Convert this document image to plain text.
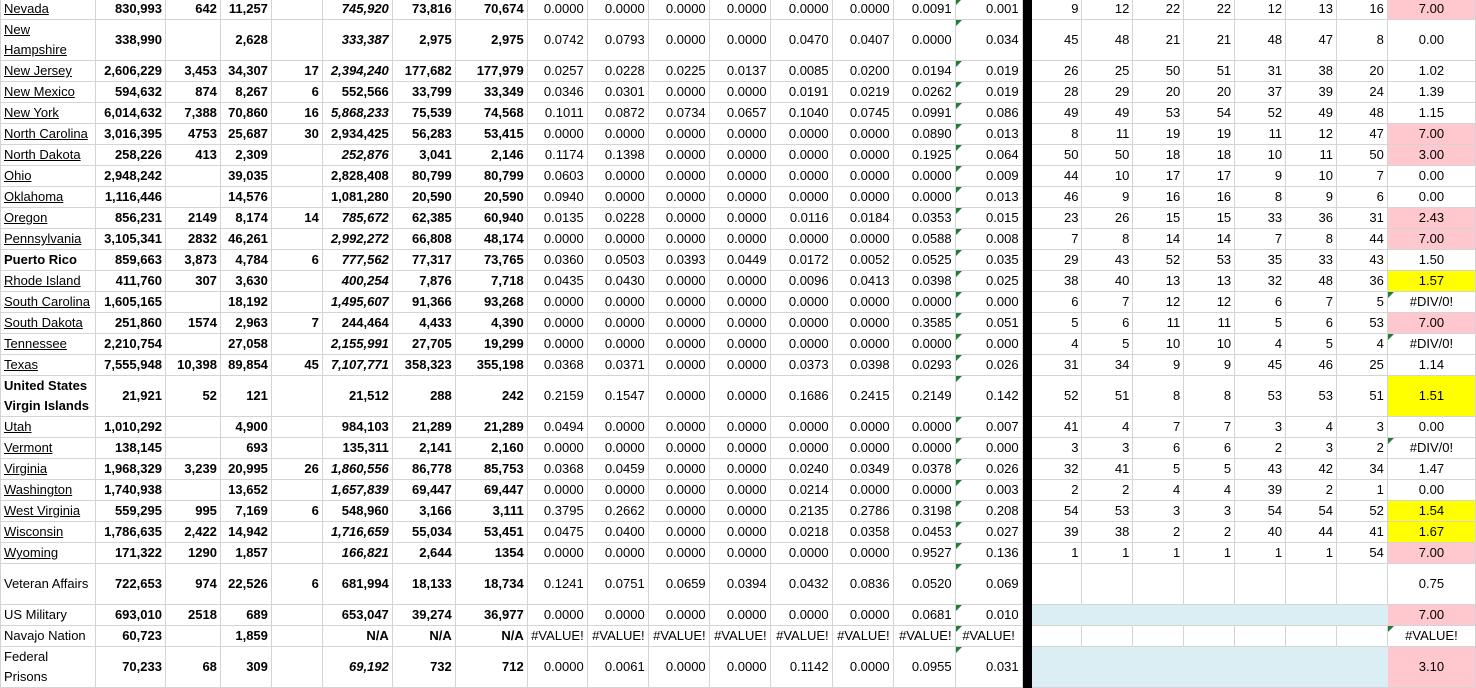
Nevada	830,993	642	11,257		745,920	73,816	70,674	0.0000	0.0000	0.0000	0.0000	0.0000	0.0000	0.0091	0.001		9	12	22	22	12	13	16	7.00
New Hampshire	338,990		2,628		333,387	2,975	2,975	0.0742	0.0793	0.0000	0.0000	0.0470	0.0407	0.0000	0.034		45	48	21	21	48	47	8	0.00
New Jersey	2,606,229	3,453	34,307	17	2,394,240	177,682	177,979	0.0257	0.0228	0.0225	0.0137	0.0085	0.0200	0.0194	0.019		26	25	50	51	31	38	20	1.02
New Mexico	594,632	874	8,267	6	552,566	33,799	33,349	0.0346	0.0301	0.0000	0.0000	0.0191	0.0219	0.0262	0.019		28	29	20	20	37	39	24	1.39
New York	6,014,632	7,388	70,860	16	5,868,233	75,539	74,568	0.1011	0.0872	0.0734	0.0657	0.1040	0.0745	0.0991	0.086		49	49	53	54	52	49	48	1.15
North Carolina	3,016,395	4753	25,687	30	2,934,425	56,283	53,415	0.0000	0.0000	0.0000	0.0000	0.0000	0.0000	0.0890	0.013		8	11	19	19	11	12	47	7.00
North Dakota	258,226	413	2,309		252,876	3,041	2,146	0.1174	0.1398	0.0000	0.0000	0.0000	0.0000	0.1925	0.064		50	50	18	18	10	11	50	3.00
Ohio	2,948,242		39,035		2,828,408	80,799	80,799	0.0603	0.0000	0.0000	0.0000	0.0000	0.0000	0.0000	0.009		44	10	17	17	9	10	7	0.00
Oklahoma	1,116,446		14,576		1,081,280	20,590	20,590	0.0940	0.0000	0.0000	0.0000	0.0000	0.0000	0.0000	0.013		46	9	16	16	8	9	6	0.00
Oregon	856,231	2149	8,174	14	785,672	62,385	60,940	0.0135	0.0228	0.0000	0.0000	0.0116	0.0184	0.0353	0.015		23	26	15	15	33	36	31	2.43
Pennsylvania	3,105,341	2832	46,261		2,992,272	66,808	48,174	0.0000	0.0000	0.0000	0.0000	0.0000	0.0000	0.0588	0.008		7	8	14	14	7	8	44	7.00
Puerto Rico	859,663	3,873	4,784	6	777,562	77,317	73,765	0.0360	0.0503	0.0393	0.0449	0.0172	0.0052	0.0525	0.035		29	43	52	53	35	33	43	1.50
Rhode Island	411,760	307	3,630		400,254	7,876	7,718	0.0435	0.0430	0.0000	0.0000	0.0096	0.0413	0.0398	0.025		38	40	13	13	32	48	36	1.57
South Carolina	1,605,165		18,192		1,495,607	91,366	93,268	0.0000	0.0000	0.0000	0.0000	0.0000	0.0000	0.0000	0.000		6	7	12	12	6	7	5	#DIV/0!
South Dakota	251,860	1574	2,963	7	244,464	4,433	4,390	0.0000	0.0000	0.0000	0.0000	0.0000	0.0000	0.3585	0.051		5	6	11	11	5	6	53	7.00
Tennessee	2,210,754		27,058		2,155,991	27,705	19,299	0.0000	0.0000	0.0000	0.0000	0.0000	0.0000	0.0000	0.000		4	5	10	10	4	5	4	#DIV/0!
Texas	7,555,948	10,398	89,854	45	7,107,771	358,323	355,198	0.0368	0.0371	0.0000	0.0000	0.0373	0.0398	0.0293	0.026		31	34	9	9	45	46	25	1.14
United States Virgin Islands	21,921	52	121		21,512	288	242	0.2159	0.1547	0.0000	0.0000	0.1686	0.2415	0.2149	0.142		52	51	8	8	53	53	51	1.51
Utah	1,010,292		4,900		984,103	21,289	21,289	0.0494	0.0000	0.0000	0.0000	0.0000	0.0000	0.0000	0.007		41	4	7	7	3	4	3	0.00
Vermont	138,145		693		135,311	2,141	2,160	0.0000	0.0000	0.0000	0.0000	0.0000	0.0000	0.0000	0.000		3	3	6	6	2	3	2	#DIV/0!
Virginia	1,968,329	3,239	20,995	26	1,860,556	86,778	85,753	0.0368	0.0459	0.0000	0.0000	0.0240	0.0349	0.0378	0.026		32	41	5	5	43	42	34	1.47
Washington	1,740,938		13,652		1,657,839	69,447	69,447	0.0000	0.0000	0.0000	0.0000	0.0214	0.0000	0.0000	0.003		2	2	4	4	39	2	1	0.00
West Virginia	559,295	995	7,169	6	548,960	3,166	3,111	0.3795	0.2662	0.0000	0.0000	0.2135	0.2786	0.3198	0.208		54	53	3	3	54	54	52	1.54
Wisconsin	1,786,635	2,422	14,942		1,716,659	55,034	53,451	0.0475	0.0400	0.0000	0.0000	0.0218	0.0358	0.0453	0.027		39	38	2	2	40	44	41	1.67
Wyoming	171,322	1290	1,857		166,821	2,644	1354	0.0000	0.0000	0.0000	0.0000	0.0000	0.0000	0.9527	0.136		1	1	1	1	1	1	54	7.00
Veteran Affairs	722,653	974	22,526	6	681,994	18,133	18,734	0.1241	0.0751	0.0659	0.0394	0.0432	0.0836	0.0520	0.069									0.75
US Military	693,010	2518	689		653,047	39,274	36,977	0.0000	0.0000	0.0000	0.0000	0.0000	0.0000	0.0681	0.010									7.00
Navajo Nation	60,723		1,859		N/A	N/A	N/A	#VALUE!	#VALUE!	#VALUE!	#VALUE!	#VALUE!	#VALUE!	#VALUE!	#VALUE!									#VALUE!
Federal Prisons	70,233	68	309		69,192	732	712	0.0000	0.0061	0.0000	0.0000	0.1142	0.0000	0.0955	0.031									3.10
